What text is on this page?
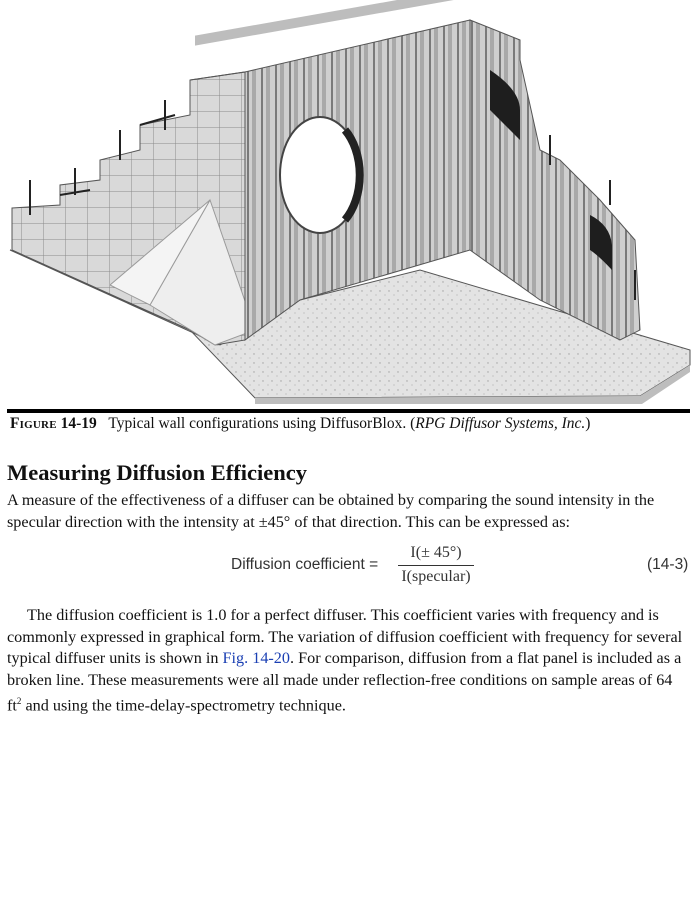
Figure 14-19 Typical wall configurations using DiffusorBlox. (RPG Diffusor Systems, Inc.)
Measuring Diffusion Efficiency

A measure of the effectiveness of a diffuser can be obtained by comparing the sound intensity in the specular direction with the intensity at ±45° of that direction. This can be expressed as:

Diffusion coefficient =
I(± 45°)
I(specular)
(14-3)

The diffusion coefficient is 1.0 for a perfect diffuser. This coefficient varies with frequency and is commonly expressed in graphical form. The variation of diffusion coefficient with frequency for several typical diffuser units is shown in Fig. 14-20. For comparison, diffusion from a flat panel is included as a broken line. These measurements were all made under reflection-free conditions on sample areas of 64 $ft^2$ and using the time-delay-spectrometry technique.
